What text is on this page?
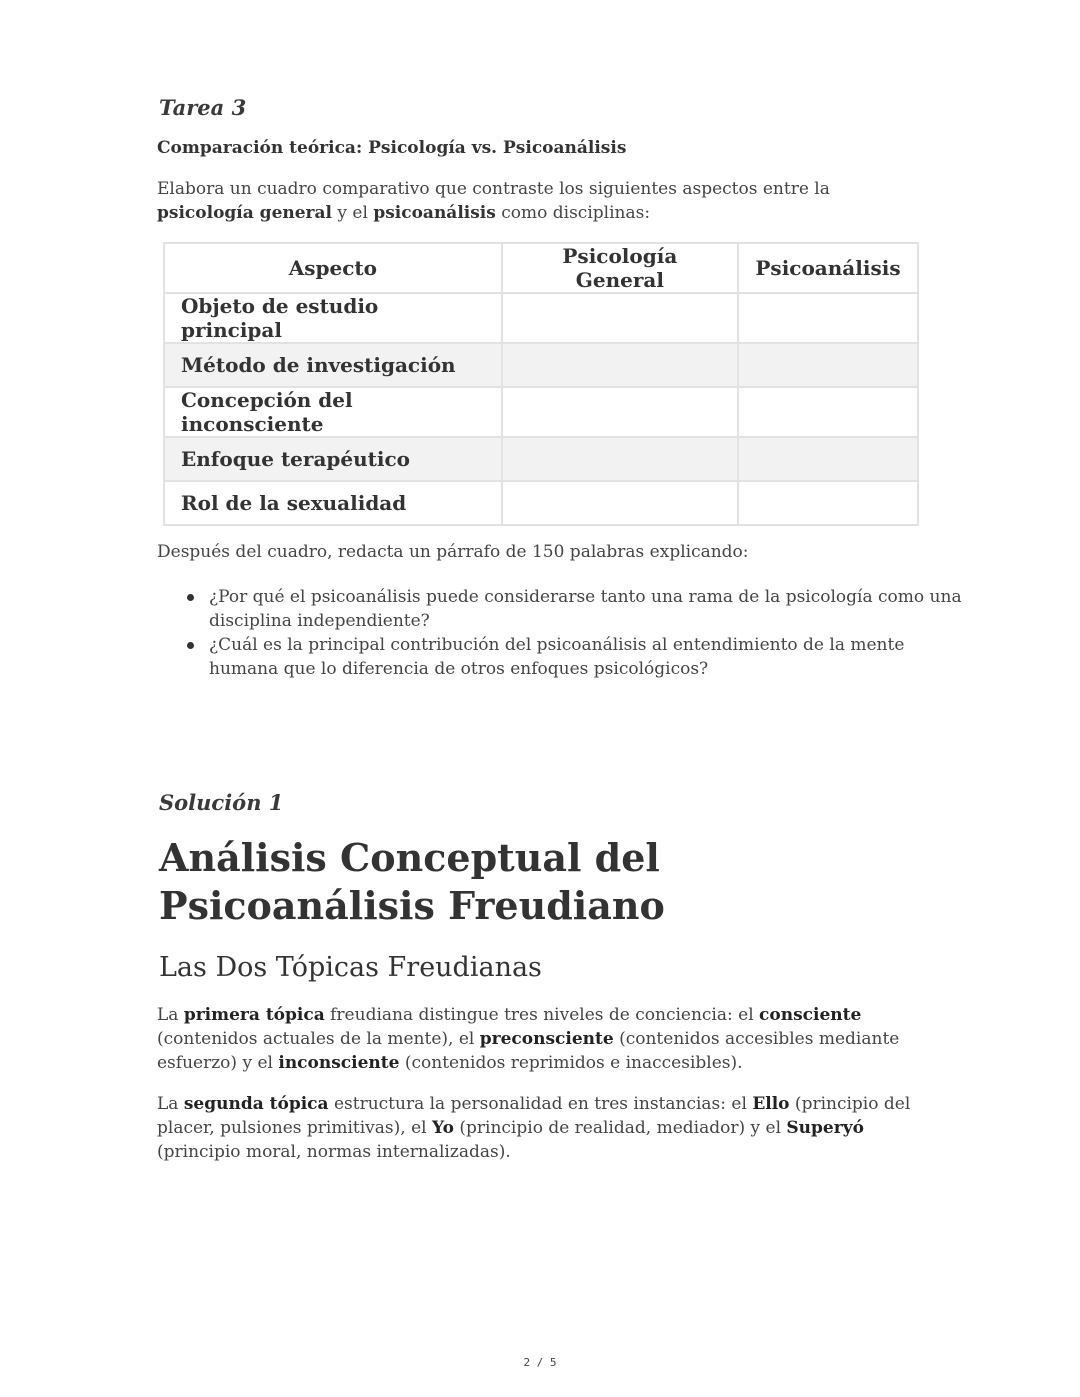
Tarea 3

Comparación teórica: Psicología vs. Psicoanálisis

Elabora un cuadro comparativo que contraste los siguientes aspectos entre la psicología general y el psicoanálisis como disciplinas:

Aspecto	Psicología General	Psicoanálisis
Objeto de estudio principal		
Método de investigación		
Concepción del inconsciente		
Enfoque terapéutico		
Rol de la sexualidad		

Después del cuadro, redacta un párrafo de 150 palabras explicando:

¿Por qué el psicoanálisis puede considerarse tanto una rama de la psicología como una disciplina independiente?
¿Cuál es la principal contribución del psicoanálisis al entendimiento de la mente humana que lo diferencia de otros enfoques psicológicos?
Solución 1
Análisis Conceptual del Psicoanálisis Freudiano
Las Dos Tópicas Freudianas

La primera tópica freudiana distingue tres niveles de conciencia: el consciente (contenidos actuales de la mente), el preconsciente (contenidos accesibles mediante esfuerzo) y el inconsciente (contenidos reprimidos e inaccesibles).

La segunda tópica estructura la personalidad en tres instancias: el Ello (principio del placer, pulsiones primitivas), el Yo (principio de realidad, mediador) y el Superyó (principio moral, normas internalizadas).

2 / 5
